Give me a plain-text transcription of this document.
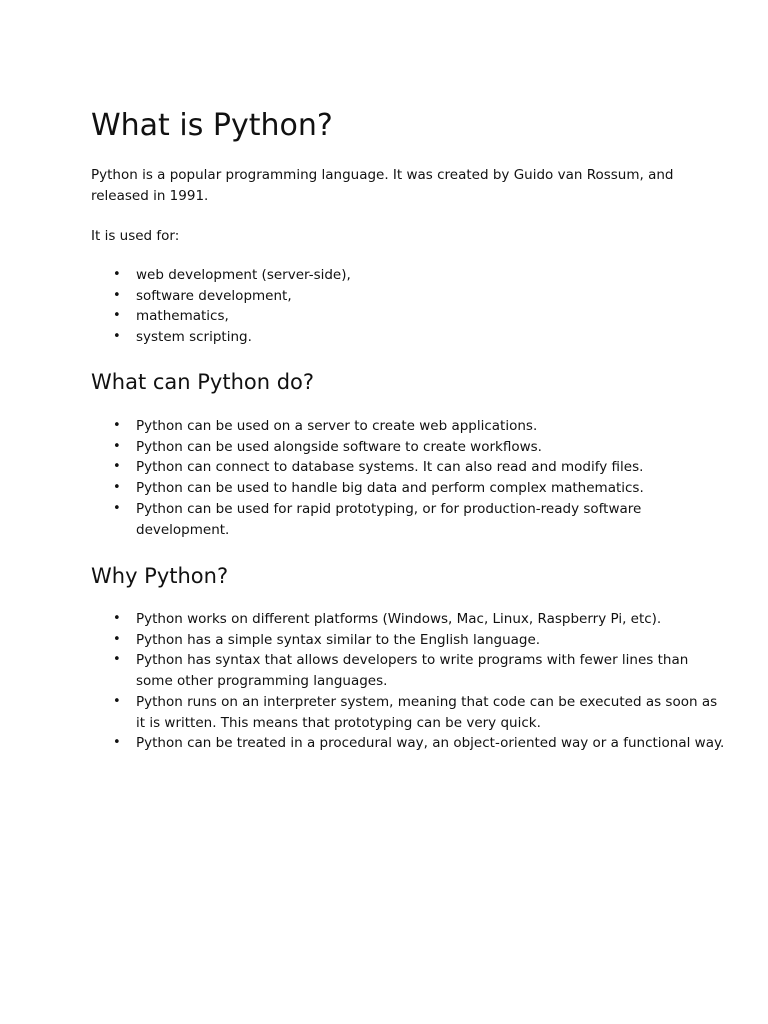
What is Python?

Python is a popular programming language. It was created by Guido van Rossum, and released in 1991.

It is used for:

• web development (server-side),
• software development,
• mathematics,
• system scripting.
What can Python do?
• Python can be used on a server to create web applications.
• Python can be used alongside software to create workflows.
• Python can connect to database systems. It can also read and modify files.
• Python can be used to handle big data and perform complex mathematics.
• Python can be used for rapid prototyping, or for production-ready software development.
Why Python?
• Python works on different platforms (Windows, Mac, Linux, Raspberry Pi, etc).
• Python has a simple syntax similar to the English language.
• Python has syntax that allows developers to write programs with fewer lines than some other programming languages.
• Python runs on an interpreter system, meaning that code can be executed as soon as it is written. This means that prototyping can be very quick.
• Python can be treated in a procedural way, an object-oriented way or a functional way.
